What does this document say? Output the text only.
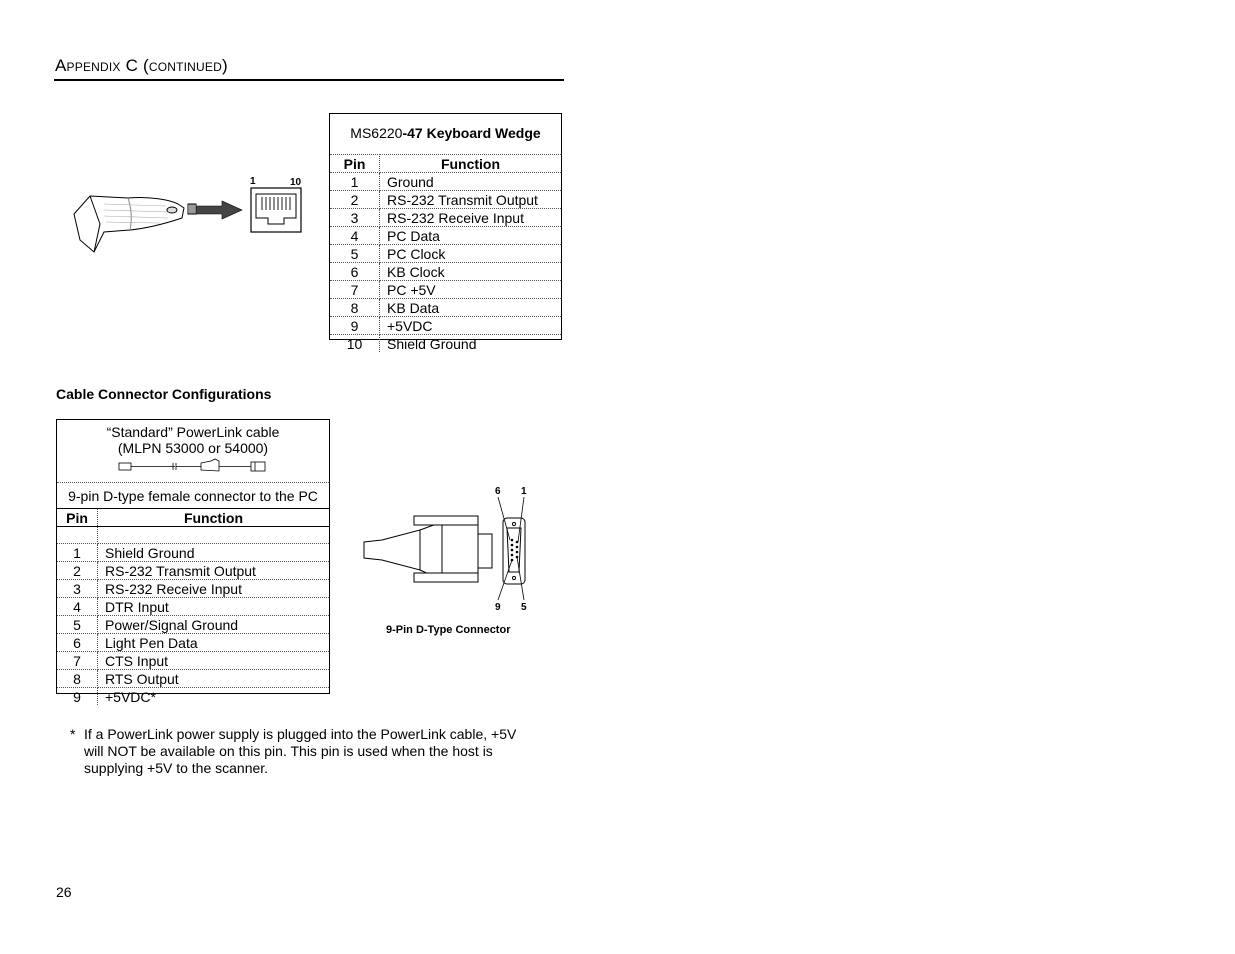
Appendix C (continued)
1	10
MS6220-47 Keyboard Wedge
Pin	Function
1	Ground
2	RS-232 Transmit Output
3	RS-232 Receive Input
4	PC Data
5	PC Clock
6	KB Clock
7	PC +5V
8	KB Data
9	+5VDC
10	Shield Ground
Cable Connector Configurations
“Standard” PowerLink cable
(MLPN 53000 or 54000)
9-pin D-type female connector to the PC
Pin	Function

1	Shield Ground
2	RS-232 Transmit Output
3	RS-232 Receive Input
4	DTR Input
5	Power/Signal Ground
6	Light Pen Data
7	CTS Input
8	RTS Output
9	+5VDC*
6 1
9 5
9-Pin D-Type Connector
* If a PowerLink power supply is plugged into the PowerLink cable, +5V will NOT be available on this pin. This pin is used when the host is supplying +5V to the scanner.
26
